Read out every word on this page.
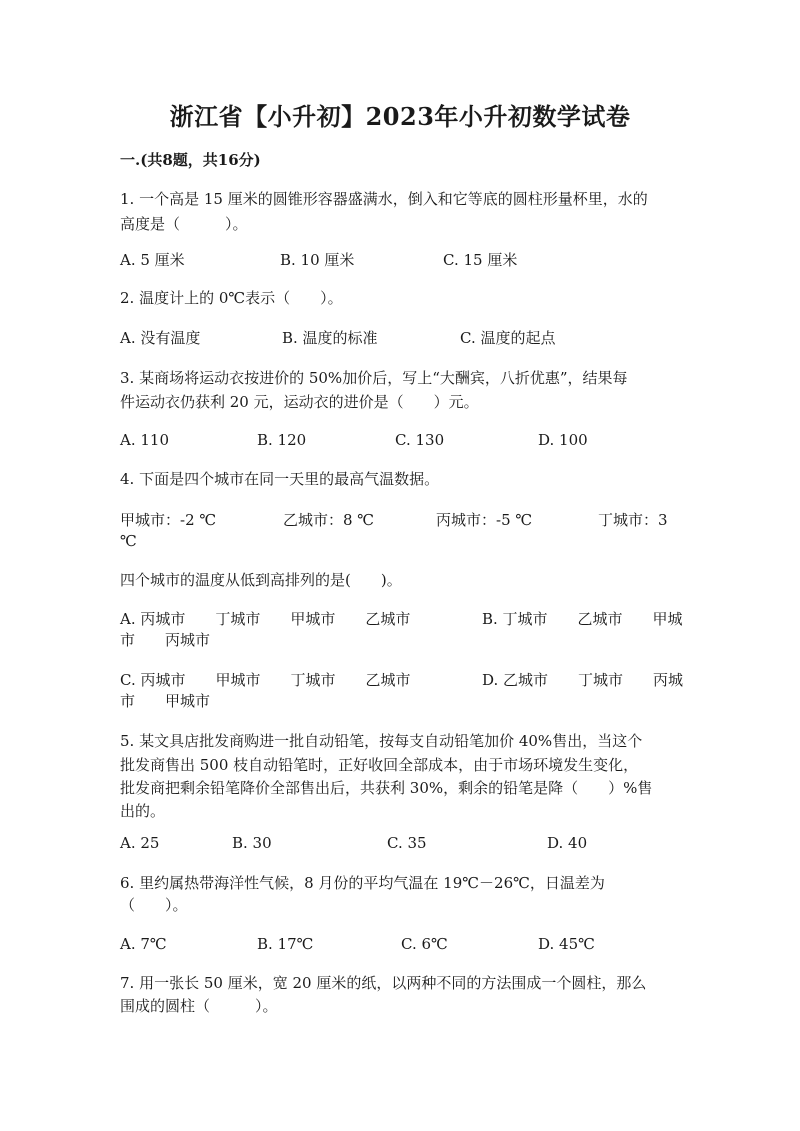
浙江省【小升初】2023年小升初数学试卷
一.(共8题，共16分)
1. 一个高是 15 厘米的圆锥形容器盛满水，倒入和它等底的圆柱形量杯里，水的
高度是（　　　）。
A. 5 厘米	B. 10 厘米	C. 15 厘米
2. 温度计上的 0℃表示（　　）。
A. 没有温度	B. 温度的标准	C. 温度的起点
3. 某商场将运动衣按进价的 50%加价后，写上“大酬宾，八折优惠”，结果每
件运动衣仍获利 20 元，运动衣的进价是（　　）元。
A. 110	B. 120	C. 130	D. 100
4. 下面是四个城市在同一天里的最高气温数据。
甲城市：-2 ℃	乙城市：8 ℃	丙城市：-5 ℃	丁城市：3
℃
四个城市的温度从低到高排列的是(　　)。
A. 丙城市　　丁城市　　甲城市　　乙城市	B. 丁城市　　乙城市　　甲城
市　　丙城市
C. 丙城市　　甲城市　　丁城市　　乙城市	D. 乙城市　　丁城市　　丙城
市　　甲城市
5. 某文具店批发商购进一批自动铅笔，按每支自动铅笔加价 40%售出，当这个
批发商售出 500 枝自动铅笔时，正好收回全部成本，由于市场环境发生变化，
批发商把剩余铅笔降价全部售出后，共获利 30%，剩余的铅笔是降（　　）%售
出的。
A. 25	B. 30	C. 35	D. 40
6. 里约属热带海洋性气候，8 月份的平均气温在 19℃－26℃，日温差为
（　　）。
A. 7℃	B. 17℃	C. 6℃	D. 45℃
7. 用一张长 50 厘米，宽 20 厘米的纸，以两种不同的方法围成一个圆柱，那么
围成的圆柱（　　　）。
